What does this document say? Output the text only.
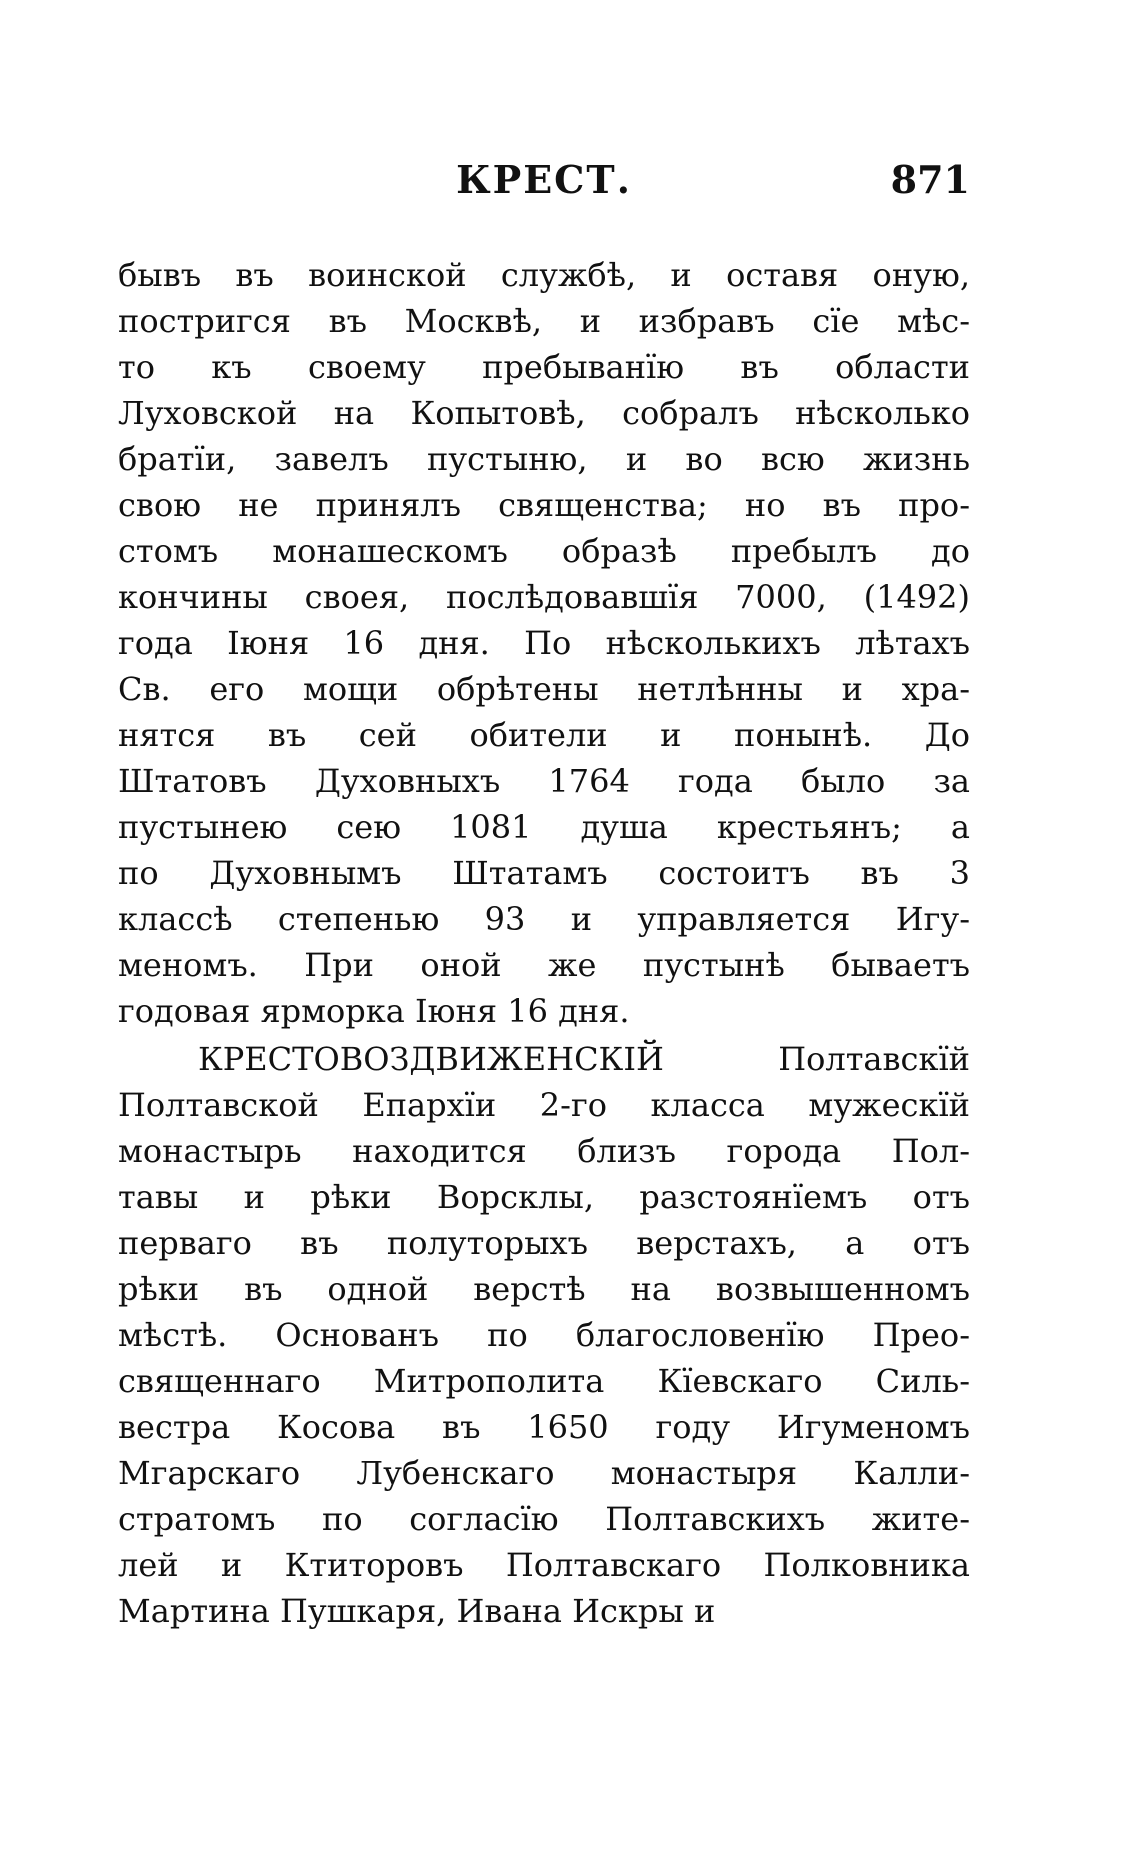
КРЕСТ.	871
бывъ въ воинской службѣ, и оставя оную,
постригся въ Москвѣ, и избравъ сїе мѣс-
то къ своему пребыванїю въ области
Луховской на Копытовѣ, собралъ нѣсколько
братїи, завелъ пустыню, и во всю жизнь
свою не принялъ священства; но въ про-
стомъ монашескомъ образѣ пребылъ до
кончины своея, послѣдовавшїя 7000, (1492)
года Іюня 16 дня. По нѣсколькихъ лѣтахъ
Св. его мощи обрѣтены нетлѣнны и хра-
нятся въ сей обители и понынѣ. До
Штатовъ Духовныхъ 1764 года было за
пустынею сею 1081 душа крестьянъ; а
по Духовнымъ Штатамъ состоитъ въ 3
классѣ степенью 93 и управляется Игу-
меномъ. При оной же пустынѣ бываетъ
годовая ярморка Іюня 16 дня.
КРЕСТОВОЗДВИЖЕНСКІЙ Полтавскїй
Полтавской Епархїи 2-го класса мужескїй
монастырь находится близъ города Пол-
тавы и рѣки Ворсклы, разстоянїемъ отъ
перваго въ полуторыхъ верстахъ, а отъ
рѣки въ одной верстѣ на возвышенномъ
мѣстѣ. Основанъ по благословенїю Прео-
священнаго Митрополита Кїевскаго Силь-
вестра Косова въ 1650 году Игуменомъ
Мгарскаго Лубенскаго монастыря Калли-
стратомъ по согласїю Полтавскихъ жите-
лей и Ктиторовъ Полтавскаго Полковника
Мартина Пушкаря, Ивана Искры и
